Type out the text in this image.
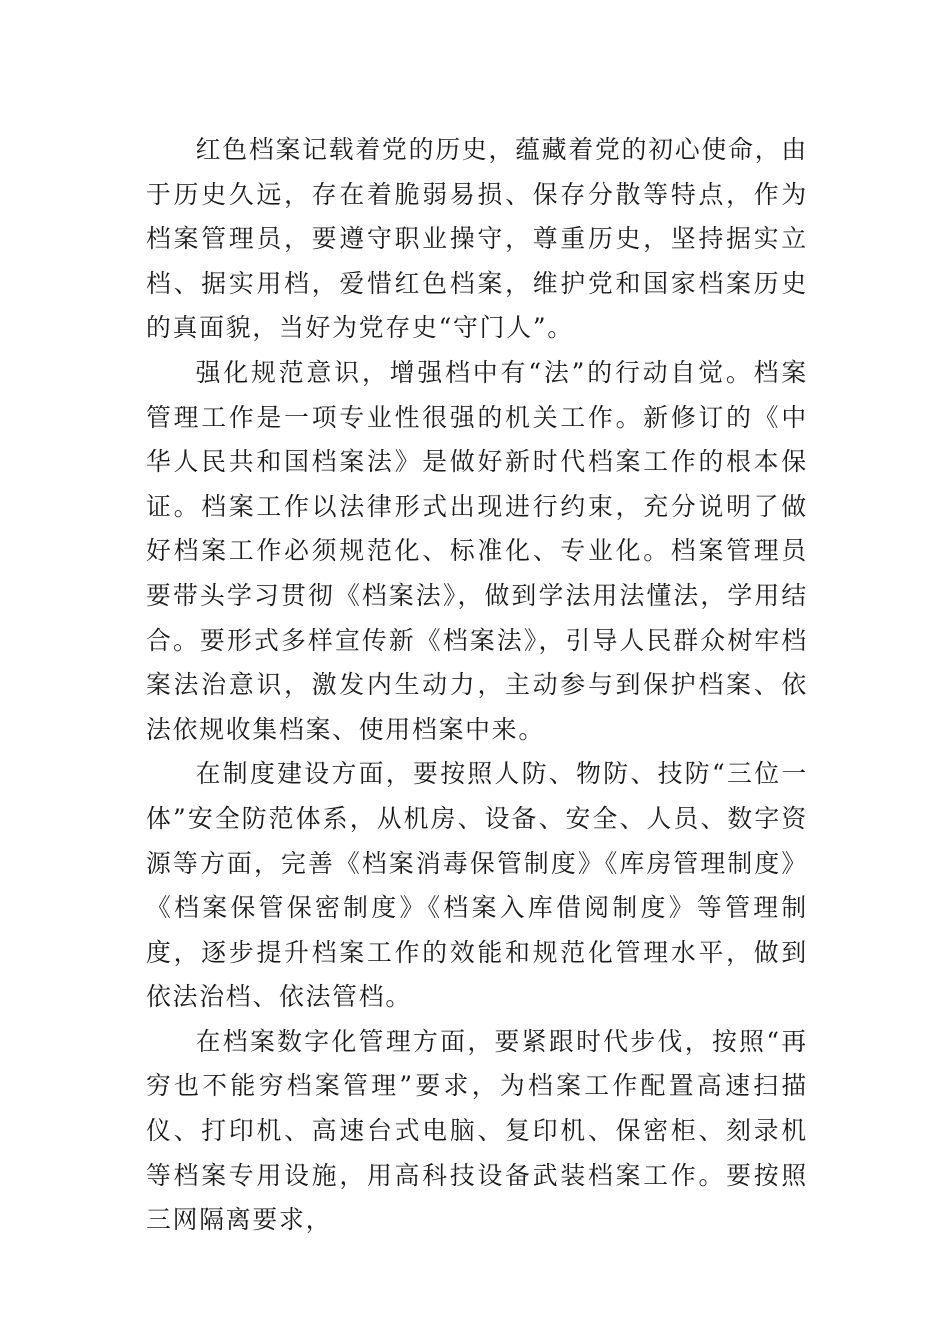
红色档案记载着党的历史，蕴藏着党的初心使命，由于历史久远，存在着脆弱易损、保存分散等特点，作为档案管理员，要遵守职业操守，尊重历史，坚持据实立档、据实用档，爱惜红色档案，维护党和国家档案历史的真面貌，当好为党存史“守门人”。

强化规范意识，增强档中有“法”的行动自觉。档案管理工作是一项专业性很强的机关工作。新修订的《中华人民共和国档案法》是做好新时代档案工作的根本保证。档案工作以法律形式出现进行约束，充分说明了做好档案工作必须规范化、标准化、专业化。档案管理员要带头学习贯彻《档案法》，做到学法用法懂法，学用结合。要形式多样宣传新《档案法》，引导人民群众树牢档案法治意识，激发内生动力，主动参与到保护档案、依法依规收集档案、使用档案中来。

在制度建设方面，要按照人防、物防、技防“三位一体”安全防范体系，从机房、设备、安全、人员、数字资源等方面，完善《档案消毒保管制度》《库房管理制度》《档案保管保密制度》《档案入库借阅制度》等管理制度，逐步提升档案工作的效能和规范化管理水平，做到依法治档、依法管档。

在档案数字化管理方面，要紧跟时代步伐，按照“再穷也不能穷档案管理”要求，为档案工作配置高速扫描仪、打印机、高速台式电脑、复印机、保密柜、刻录机等档案专用设施，用高科技设备武装档案工作。要按照三网隔离要求，
